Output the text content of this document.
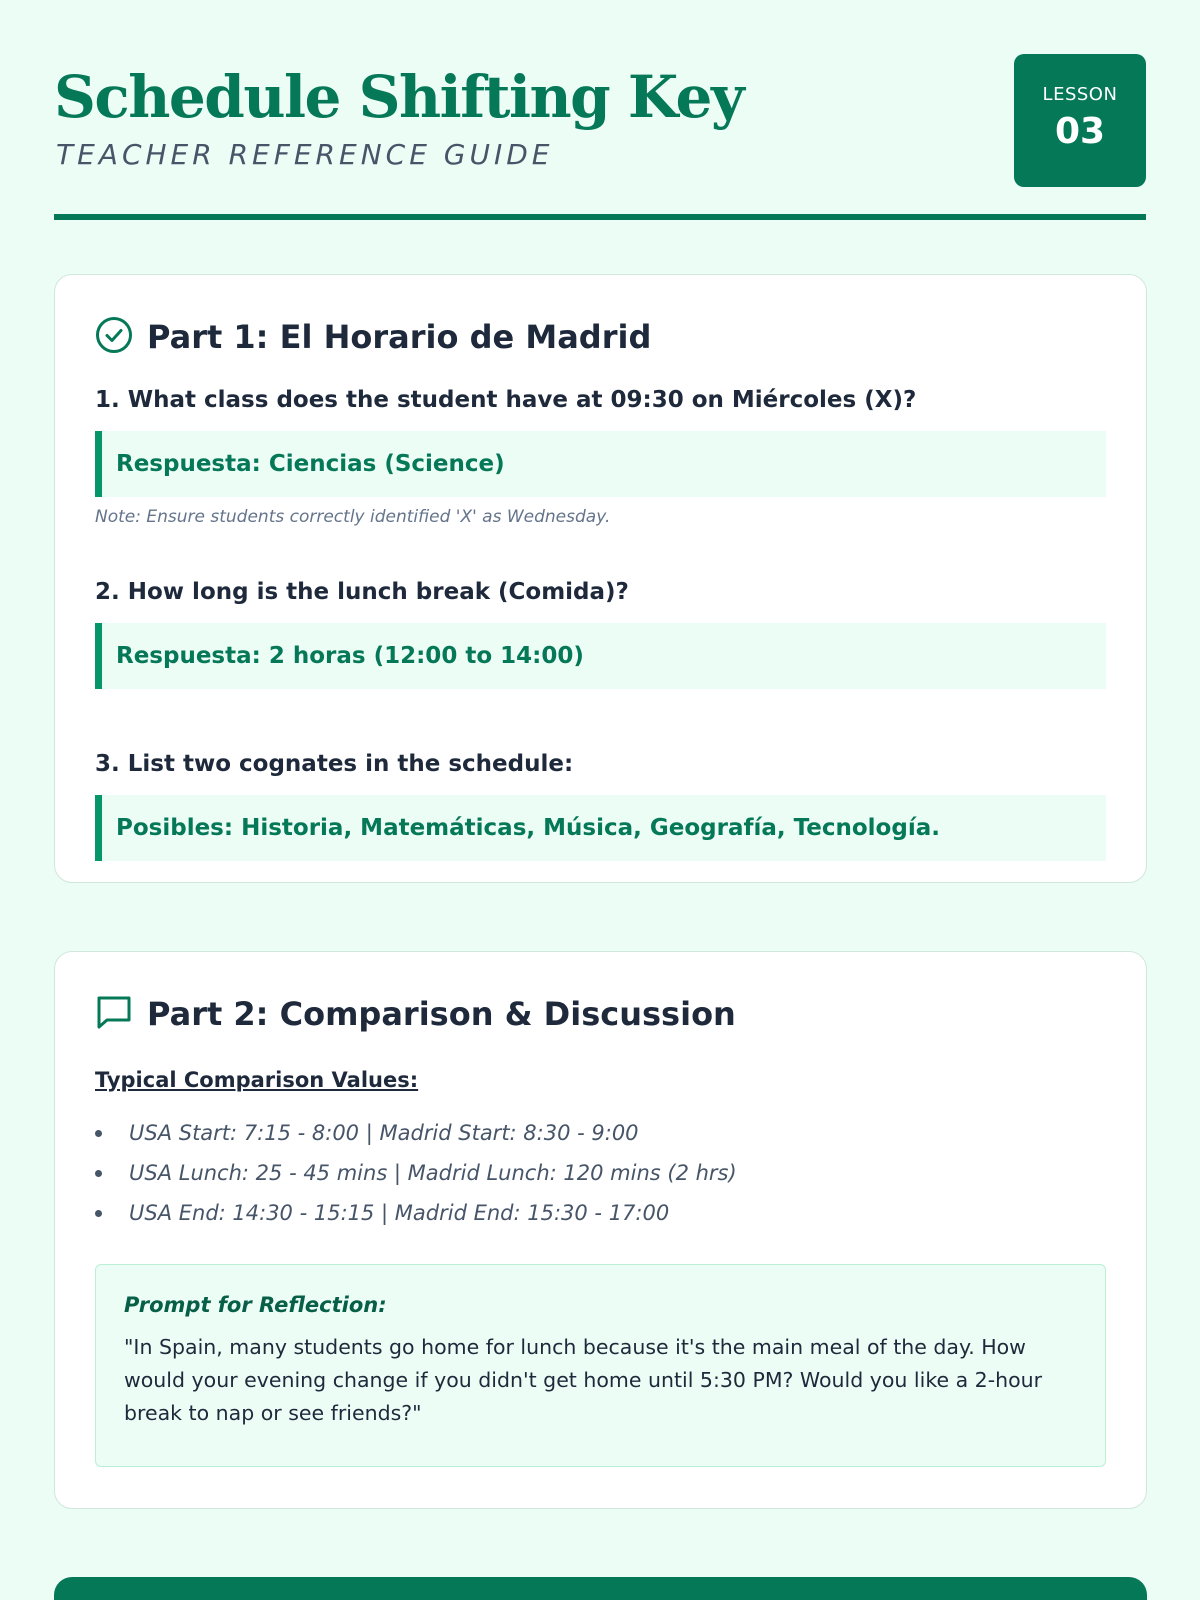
Schedule Shifting Key
TEACHER REFERENCE GUIDE
LESSON
03
Part 1: El Horario de Madrid
1. What class does the student have at 09:30 on Miércoles (X)?
Respuesta: Ciencias (Science)
Note: Ensure students correctly identified 'X' as Wednesday.
2. How long is the lunch break (Comida)?
Respuesta: 2 horas (12:00 to 14:00)
3. List two cognates in the schedule:
Posibles: Historia, Matemáticas, Música, Geografía, Tecnología.
Part 2: Comparison & Discussion
Typical Comparison Values:
USA Start: 7:15 - 8:00 | Madrid Start: 8:30 - 9:00
USA Lunch: 25 - 45 mins | Madrid Lunch: 120 mins (2 hrs)
USA End: 14:30 - 15:15 | Madrid End: 15:30 - 17:00
Prompt for Reflection:

"In Spain, many students go home for lunch because it's the main meal of the day. How would your evening change if you didn't get home until 5:30 PM? Would you like a 2-hour break to nap or see friends?"
